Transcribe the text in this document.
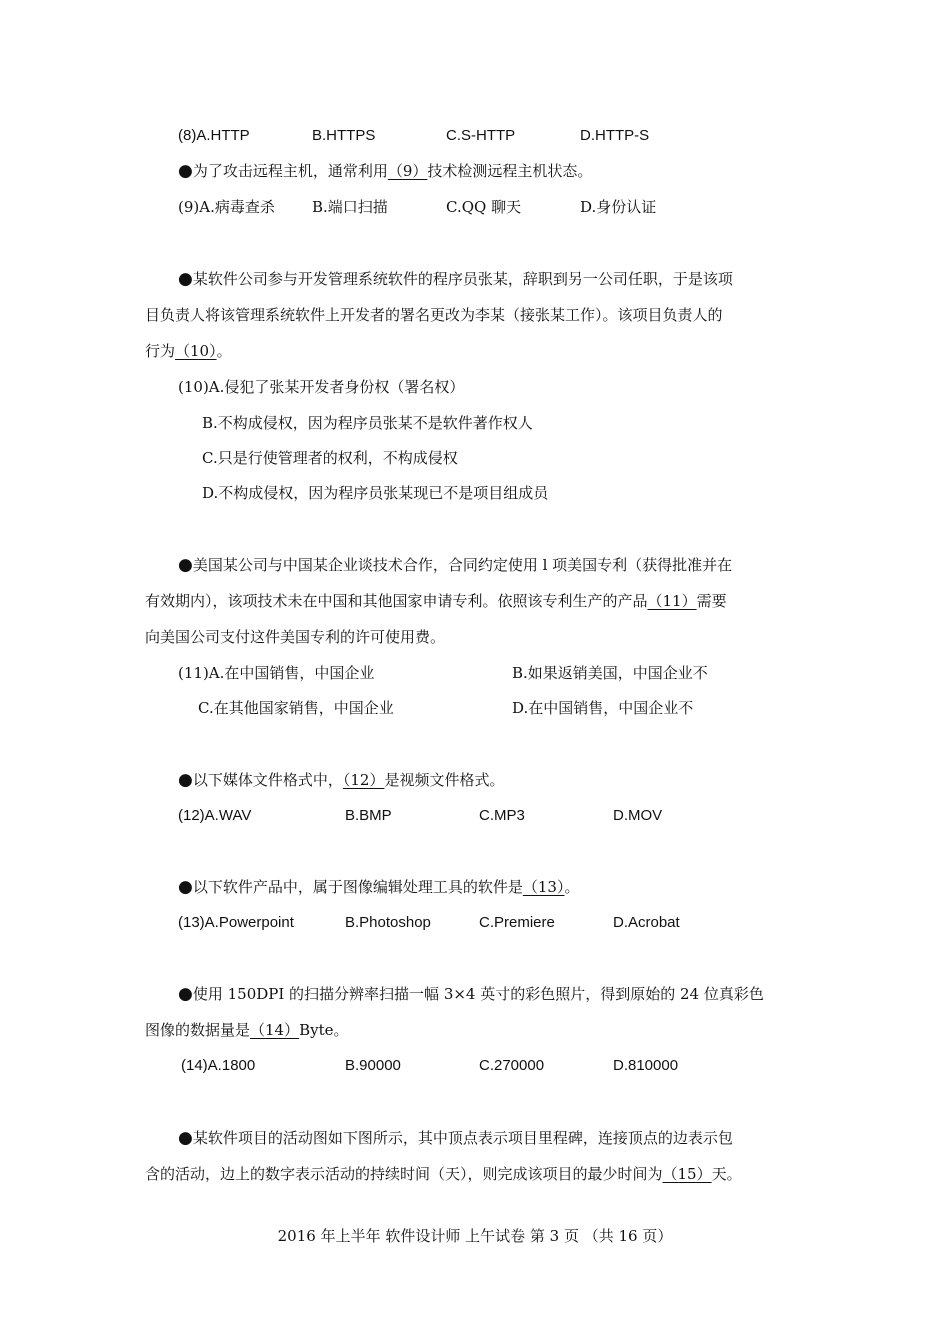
(8)A.HTTP	B.HTTPS	C.S-HTTP	D.HTTP-S
●为了攻击远程主机，通常利用（9）技术检测远程主机状态。
(9)A.病毒查杀 B.端口扫描	C.QQ 聊天	D.身份认证
●某软件公司参与开发管理系统软件的程序员张某，辞职到另一公司任职，于是该项
目负责人将该管理系统软件上开发者的署名更改为李某（接张某工作）。该项目负责人的
行为（10）。
(10)A.侵犯了张某开发者身份权（署名权）
B.不构成侵权，因为程序员张某不是软件著作权人
C.只是行使管理者的权利，不构成侵权
D.不构成侵权，因为程序员张某现已不是项目组成员
●美国某公司与中国某企业谈技术合作，合同约定使用 l 项美国专利（获得批准并在
有效期内），该项技术未在中国和其他国家申请专利。依照该专利生产的产品（11）需要
向美国公司支付这件美国专利的许可使用费。
(11)A.在中国销售，中国企业	B.如果返销美国，中国企业不
C.在其他国家销售，中国企业	D.在中国销售，中国企业不
●以下媒体文件格式中，（12）是视频文件格式。
(12)A.WAV	B.BMP	C.MP3	D.MOV
●以下软件产品中，属于图像编辑处理工具的软件是（13）。
(13)A.Powerpoint	B.Photoshop	C.Premiere	D.Acrobat
●使用 150DPI 的扫描分辨率扫描一幅 3×4 英寸的彩色照片，得到原始的 24 位真彩色
图像的数据量是（14）Byte。
(14)A.1800	B.90000	C.270000	D.810000
●某软件项目的活动图如下图所示，其中顶点表示项目里程碑，连接顶点的边表示包
含的活动，边上的数字表示活动的持续时间（天），则完成该项目的最少时间为（15）天。
2016 年上半年 软件设计师 上午试卷 第 3 页 （共 16 页）
